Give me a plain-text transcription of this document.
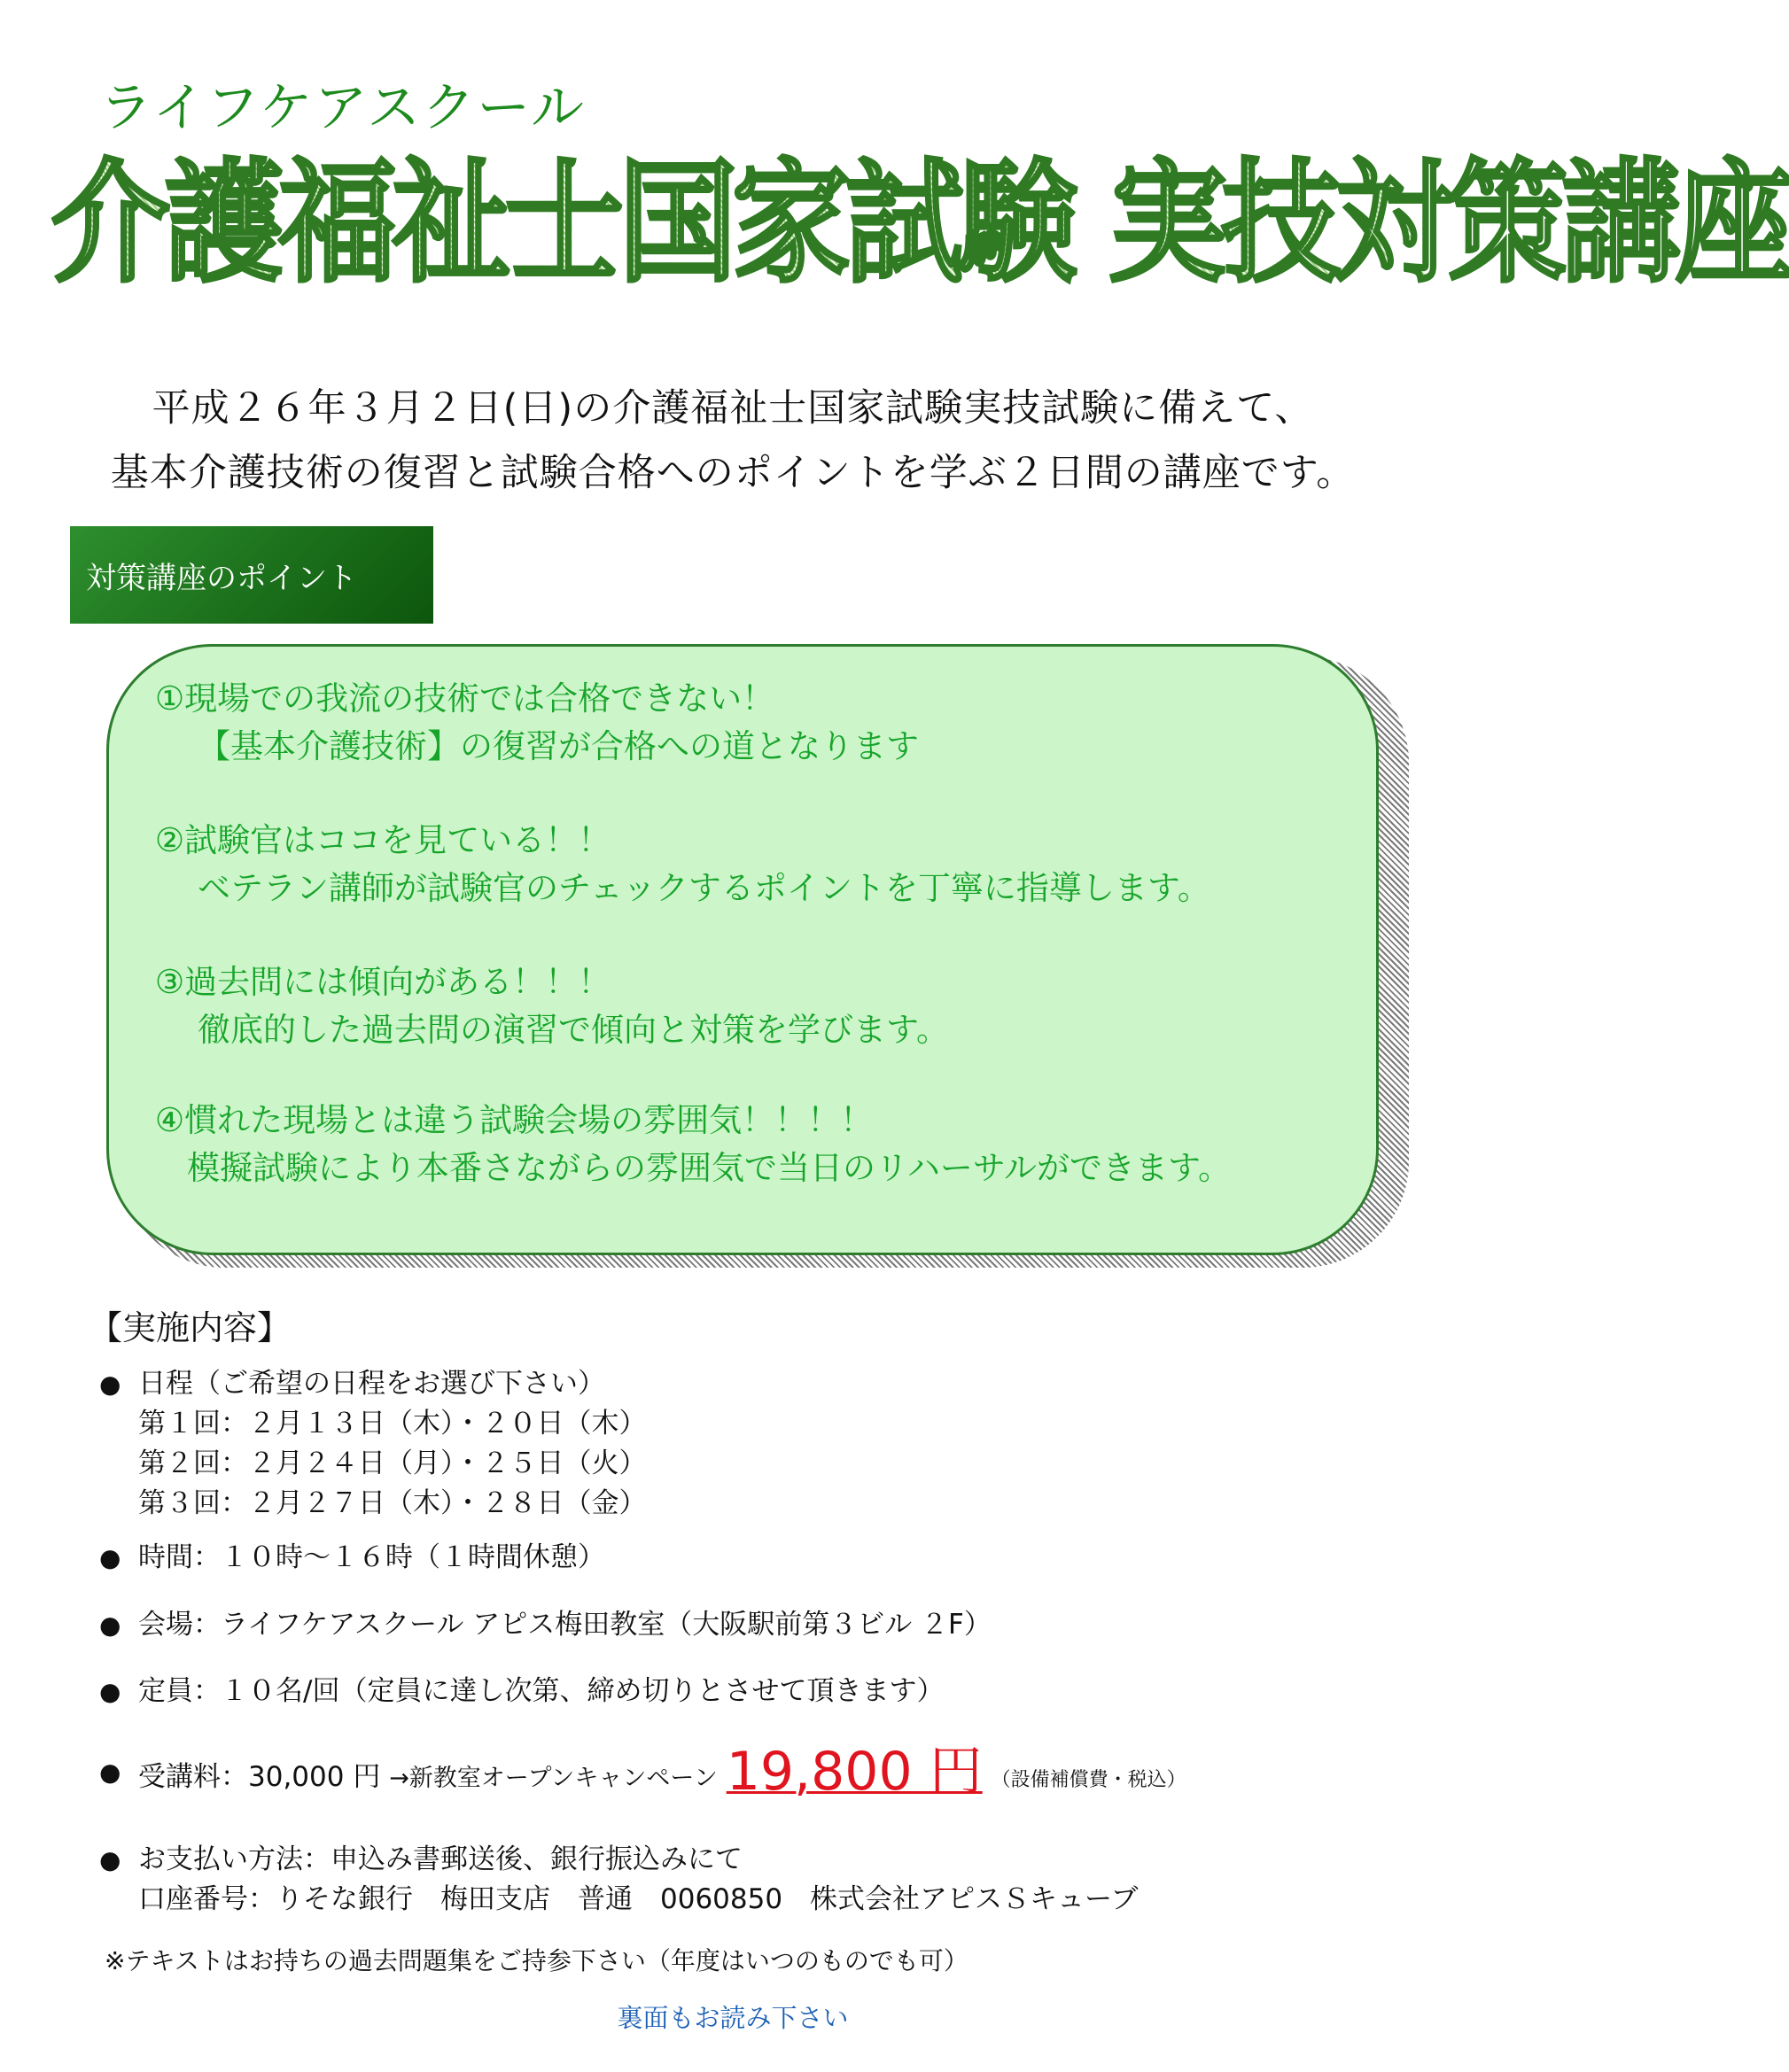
ライフケアスクール
介護福祉士国家試験 実技対策講座
平成２６年３月２日(日)の介護福祉士国家試験実技試験に備えて、
基本介護技術の復習と試験合格へのポイントを学ぶ２日間の講座です。
対策講座のポイント
①現場での我流の技術では合格できない！
【基本介護技術】の復習が合格への道となります
②試験官はココを見ている！！
ベテラン講師が試験官のチェックするポイントを丁寧に指導します。
③過去問には傾向がある！！！
徹底的した過去問の演習で傾向と対策を学びます。
④慣れた現場とは違う試験会場の雰囲気！！！！
模擬試験により本番さながらの雰囲気で当日のリハーサルができます。
【実施内容】
● 日程（ご希望の日程をお選び下さい）
第１回：２月１３日（木）・２０日（木）
第２回：２月２４日（月）・２５日（火）
第３回：２月２７日（木）・２８日（金）
● 時間：１０時～１６時（１時間休憩）
● 会場：ライフケアスクール アピス梅田教室（大阪駅前第３ビル ２F）
● 定員：１０名/回（定員に達し次第、締め切りとさせて頂きます）
● 受講料：30,000 円 →新教室オープンキャンペーン 19,800 円 （設備補償費・税込）
● お支払い方法：申込み書郵送後、銀行振込みにて
口座番号：りそな銀行　梅田支店　普通　0060850　株式会社アピスＳキューブ
※テキストはお持ちの過去問題集をご持参下さい（年度はいつのものでも可）
裏面もお読み下さい
